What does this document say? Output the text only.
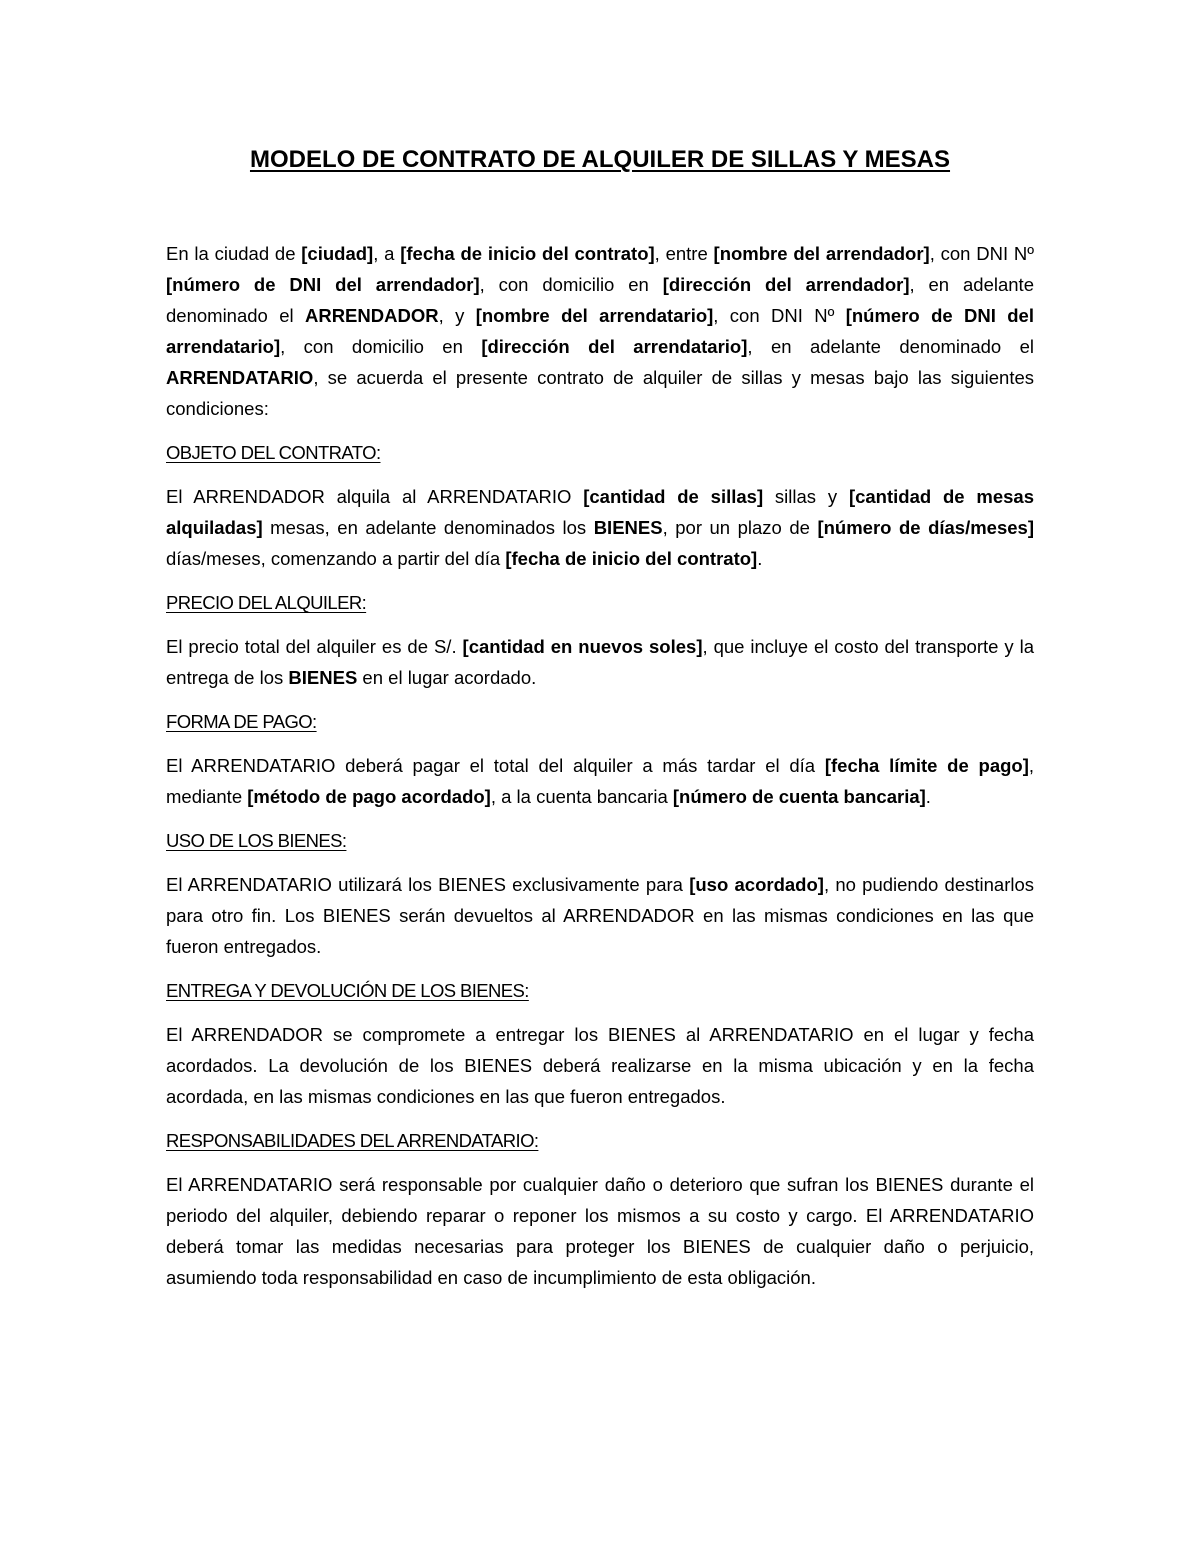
MODELO DE CONTRATO DE ALQUILER DE SILLAS Y MESAS

En la ciudad de [ciudad], a [fecha de inicio del contrato], entre [nombre del arrendador], con DNI Nº [número de DNI del arrendador], con domicilio en [dirección del arrendador], en adelante denominado el ARRENDADOR, y [nombre del arrendatario], con DNI Nº [número de DNI del arrendatario], con domicilio en [dirección del arrendatario], en adelante denominado el ARRENDATARIO, se acuerda el presente contrato de alquiler de sillas y mesas bajo las siguientes condiciones:

OBJETO DEL CONTRATO:

El ARRENDADOR alquila al ARRENDATARIO [cantidad de sillas] sillas y [cantidad de mesas alquiladas] mesas, en adelante denominados los BIENES, por un plazo de [número de días/meses] días/meses, comenzando a partir del día [fecha de inicio del contrato].

PRECIO DEL ALQUILER:

El precio total del alquiler es de S/. [cantidad en nuevos soles], que incluye el costo del transporte y la entrega de los BIENES en el lugar acordado.

FORMA DE PAGO:

El ARRENDATARIO deberá pagar el total del alquiler a más tardar el día [fecha límite de pago], mediante [método de pago acordado], a la cuenta bancaria [número de cuenta bancaria].

USO DE LOS BIENES:

El ARRENDATARIO utilizará los BIENES exclusivamente para [uso acordado], no pudiendo destinarlos para otro fin. Los BIENES serán devueltos al ARRENDADOR en las mismas condiciones en las que fueron entregados.

ENTREGA Y DEVOLUCIÓN DE LOS BIENES:

El ARRENDADOR se compromete a entregar los BIENES al ARRENDATARIO en el lugar y fecha acordados. La devolución de los BIENES deberá realizarse en la misma ubicación y en la fecha acordada, en las mismas condiciones en las que fueron entregados.

RESPONSABILIDADES DEL ARRENDATARIO:

El ARRENDATARIO será responsable por cualquier daño o deterioro que sufran los BIENES durante el periodo del alquiler, debiendo reparar o reponer los mismos a su costo y cargo. El ARRENDATARIO deberá tomar las medidas necesarias para proteger los BIENES de cualquier daño o perjuicio, asumiendo toda responsabilidad en caso de incumplimiento de esta obligación.
